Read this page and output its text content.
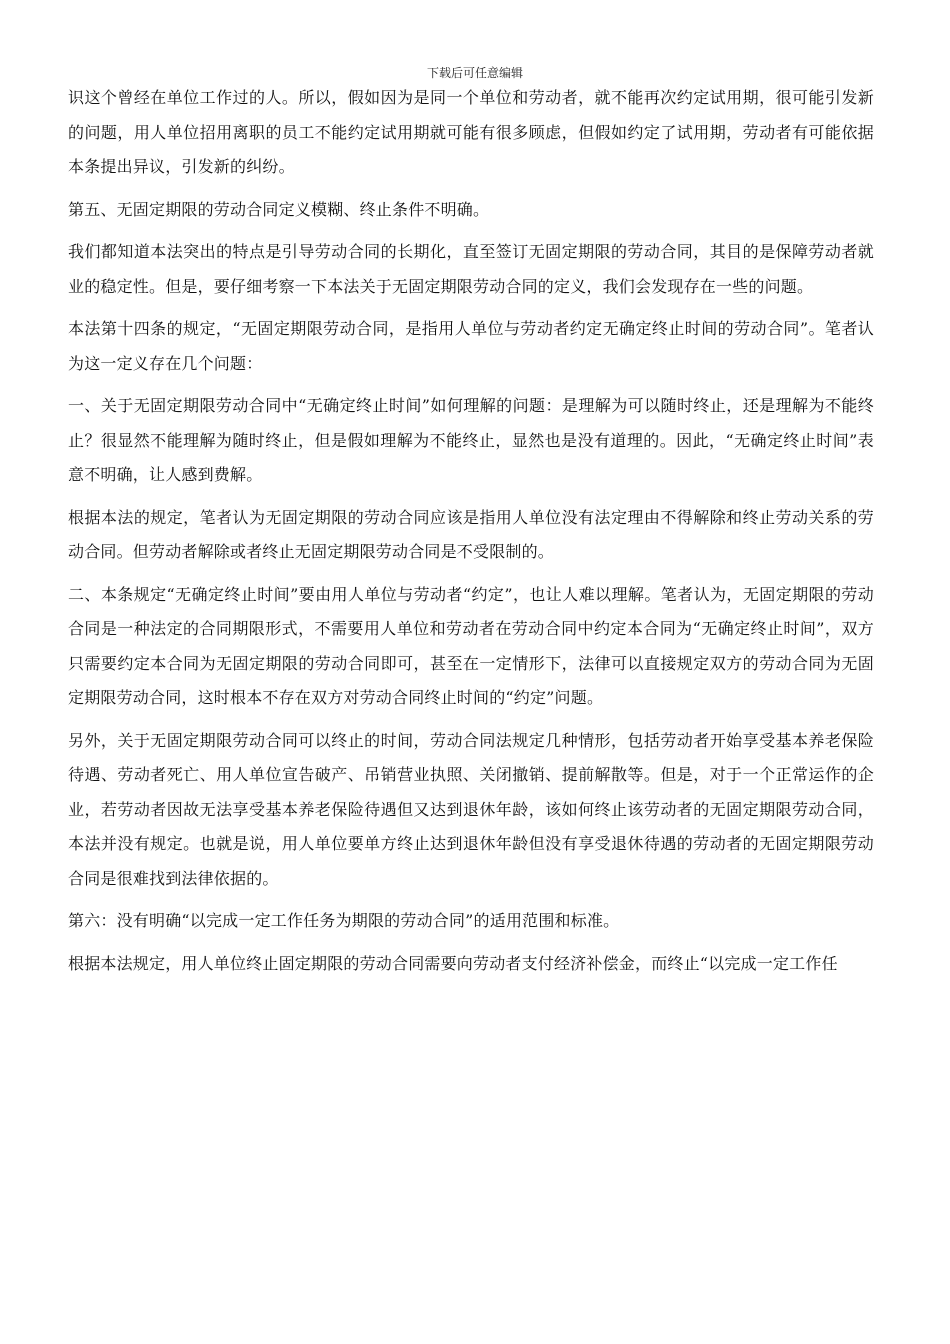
下载后可任意编辑

识这个曾经在单位工作过的人。所以，假如因为是同一个单位和劳动者，就不能再次约定试用期，很可能引发新的问题，用人单位招用离职的员工不能约定试用期就可能有很多顾虑，但假如约定了试用期，劳动者有可能依据本条提出异议，引发新的纠纷。

第五、无固定期限的劳动合同定义模糊、终止条件不明确。

我们都知道本法突出的特点是引导劳动合同的长期化，直至签订无固定期限的劳动合同，其目的是保障劳动者就业的稳定性。但是，要仔细考察一下本法关于无固定期限劳动合同的定义，我们会发现存在一些的问题。

本法第十四条的规定，“无固定期限劳动合同，是指用人单位与劳动者约定无确定终止时间的劳动合同”。笔者认为这一定义存在几个问题：

一、关于无固定期限劳动合同中“无确定终止时间”如何理解的问题：是理解为可以随时终止，还是理解为不能终止？很显然不能理解为随时终止，但是假如理解为不能终止，显然也是没有道理的。因此，“无确定终止时间”表意不明确，让人感到费解。

根据本法的规定，笔者认为无固定期限的劳动合同应该是指用人单位没有法定理由不得解除和终止劳动关系的劳动合同。但劳动者解除或者终止无固定期限劳动合同是不受限制的。

二、本条规定“无确定终止时间”要由用人单位与劳动者“约定”，也让人难以理解。笔者认为，无固定期限的劳动合同是一种法定的合同期限形式，不需要用人单位和劳动者在劳动合同中约定本合同为“无确定终止时间”，双方只需要约定本合同为无固定期限的劳动合同即可，甚至在一定情形下，法律可以直接规定双方的劳动合同为无固定期限劳动合同，这时根本不存在双方对劳动合同终止时间的“约定”问题。

另外，关于无固定期限劳动合同可以终止的时间，劳动合同法规定几种情形，包括劳动者开始享受基本养老保险待遇、劳动者死亡、用人单位宣告破产、吊销营业执照、关闭撤销、提前解散等。但是，对于一个正常运作的企业，若劳动者因故无法享受基本养老保险待遇但又达到退休年龄，该如何终止该劳动者的无固定期限劳动合同，本法并没有规定。也就是说，用人单位要单方终止达到退休年龄但没有享受退休待遇的劳动者的无固定期限劳动合同是很难找到法律依据的。

第六：没有明确“以完成一定工作任务为期限的劳动合同”的适用范围和标准。

根据本法规定，用人单位终止固定期限的劳动合同需要向劳动者支付经济补偿金，而终止“以完成一定工作任
